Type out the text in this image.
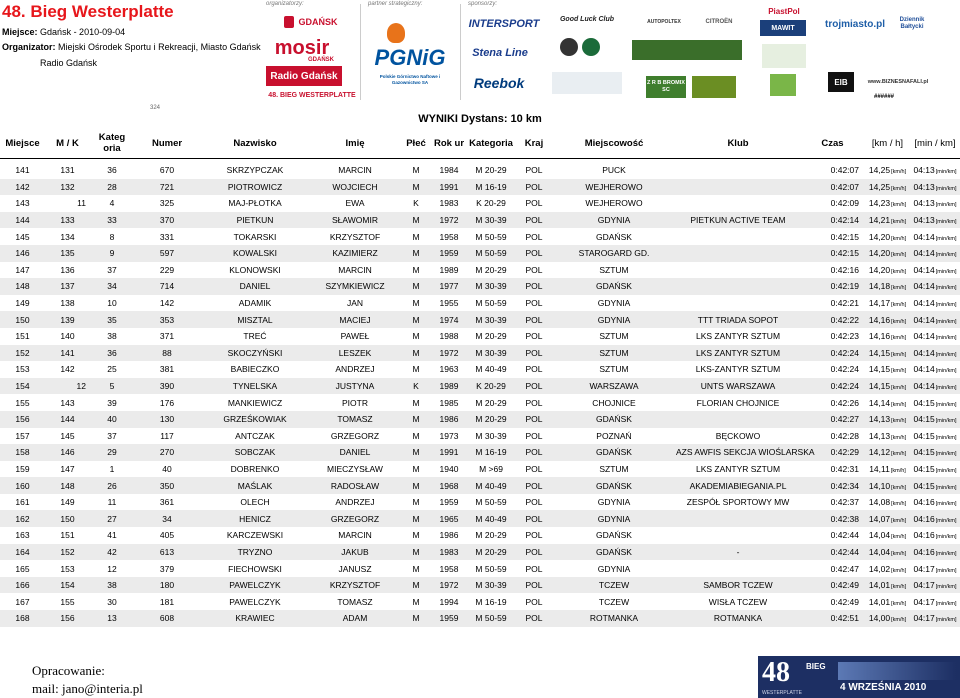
48. Bieg Westerplatte
Miejsce: Gdańsk - 2010-09-04
Organizator: Miejski Ośrodek Sportu i Rekreacji, Miasto Gdańsk
Radio Gdańsk
organizatorzy:	partner strategiczny:	sponsorzy:
GDAŃSK
mosir
GDAŃSK
Radio Gdańsk
48. BIEG WESTERPLATTE
PGNiG
Polskie Górnictwo Naftowe i Gazownictwo SA
INTERSPORT
Stena Line
Reebok
Good Luck Club	AUTOPOLTEX	CITROËN
Z R B BROMIX SC
PiastPol
MAWIT	trojmiasto.pl	Dziennik Bałtycki
EIB	www.BIZNESNAFALI.pl
######
324
WYNIKI Dystans: 10 km
Miejsce	M / K	Kateg oria	Numer	Nazwisko	Imię	Płeć	Rok ur	Kategoria	Kraj	Miejscowość	Klub	Czas	[km / h]	[min / km]

141	131	36	670	SKRZYPCZAK	MARCIN	M	1984	M 20-29	POL	PUCK		0:42:07	14,25[km/h]	04:13[min/km]
142	132	28	721	PIOTROWICZ	WOJCIECH	M	1991	M 16-19	POL	WEJHEROWO		0:42:07	14,25[km/h]	04:13[min/km]
143	11	4	325	MAJ-PŁOTKA	EWA	K	1983	K 20-29	POL	WEJHEROWO		0:42:09	14,23[km/h]	04:13[min/km]
144	133	33	370	PIETKUN	SŁAWOMIR	M	1972	M 30-39	POL	GDYNIA	PIETKUN ACTIVE TEAM	0:42:14	14,21[km/h]	04:13[min/km]
145	134	8	331	TOKARSKI	KRZYSZTOF	M	1958	M 50-59	POL	GDAŃSK		0:42:15	14,20[km/h]	04:14[min/km]
146	135	9	597	KOWALSKI	KAZIMIERZ	M	1959	M 50-59	POL	STAROGARD GD.		0:42:15	14,20[km/h]	04:14[min/km]
147	136	37	229	KLONOWSKI	MARCIN	M	1989	M 20-29	POL	SZTUM		0:42:16	14,20[km/h]	04:14[min/km]
148	137	34	714	DANIEL	SZYMKIEWICZ	M	1977	M 30-39	POL	GDAŃSK		0:42:19	14,18[km/h]	04:14[min/km]
149	138	10	142	ADAMIK	JAN	M	1955	M 50-59	POL	GDYNIA		0:42:21	14,17[km/h]	04:14[min/km]
150	139	35	353	MISZTAL	MACIEJ	M	1974	M 30-39	POL	GDYNIA	TTT TRIADA SOPOT	0:42:22	14,16[km/h]	04:14[min/km]
151	140	38	371	TREĆ	PAWEŁ	M	1988	M 20-29	POL	SZTUM	LKS ZANTYR SZTUM	0:42:23	14,16[km/h]	04:14[min/km]
152	141	36	88	SKOCZYŃSKI	LESZEK	M	1972	M 30-39	POL	SZTUM	LKS ZANTYR SZTUM	0:42:24	14,15[km/h]	04:14[min/km]
153	142	25	381	BABIECZKO	ANDRZEJ	M	1963	M 40-49	POL	SZTUM	LKS-ZANTYR SZTUM	0:42:24	14,15[km/h]	04:14[min/km]
154	12	5	390	TYNELSKA	JUSTYNA	K	1989	K 20-29	POL	WARSZAWA	UNTS WARSZAWA	0:42:24	14,15[km/h]	04:14[min/km]
155	143	39	176	MANKIEWICZ	PIOTR	M	1985	M 20-29	POL	CHOJNICE	FLORIAN CHOJNICE	0:42:26	14,14[km/h]	04:15[min/km]
156	144	40	130	GRZEŚKOWIAK	TOMASZ	M	1986	M 20-29	POL	GDAŃSK		0:42:27	14,13[km/h]	04:15[min/km]
157	145	37	117	ANTCZAK	GRZEGORZ	M	1973	M 30-39	POL	POZNAŃ	BĘCKOWO	0:42:28	14,13[km/h]	04:15[min/km]
158	146	29	270	SOBCZAK	DANIEL	M	1991	M 16-19	POL	GDAŃSK	AZS AWFIS SEKCJA WIOŚLARSKA	0:42:29	14,12[km/h]	04:15[min/km]
159	147	1	40	DOBRENKO	MIECZYSŁAW	M	1940	M >69	POL	SZTUM	LKS ZANTYR SZTUM	0:42:31	14,11[km/h]	04:15[min/km]
160	148	26	350	MAŚLAK	RADOSŁAW	M	1968	M 40-49	POL	GDAŃSK	AKADEMIABIEGANIA.PL	0:42:34	14,10[km/h]	04:15[min/km]
161	149	11	361	OLECH	ANDRZEJ	M	1959	M 50-59	POL	GDYNIA	ZESPÓŁ SPORTOWY MW	0:42:37	14,08[km/h]	04:16[min/km]
162	150	27	34	HENICZ	GRZEGORZ	M	1965	M 40-49	POL	GDYNIA		0:42:38	14,07[km/h]	04:16[min/km]
163	151	41	405	KARCZEWSKI	MARCIN	M	1986	M 20-29	POL	GDAŃSK		0:42:44	14,04[km/h]	04:16[min/km]
164	152	42	613	TRYZNO	JAKUB	M	1983	M 20-29	POL	GDAŃSK	-	0:42:44	14,04[km/h]	04:16[min/km]
165	153	12	379	FIECHOWSKI	JANUSZ	M	1958	M 50-59	POL	GDYNIA		0:42:47	14,02[km/h]	04:17[min/km]
166	154	38	180	PAWELCZYK	KRZYSZTOF	M	1972	M 30-39	POL	TCZEW	SAMBOR TCZEW	0:42:49	14,01[km/h]	04:17[min/km]
167	155	30	181	PAWELCZYK	TOMASZ	M	1994	M 16-19	POL	TCZEW	WISŁA TCZEW	0:42:49	14,01[km/h]	04:17[min/km]
168	156	13	608	KRAWIEC	ADAM	M	1959	M 50-59	POL	ROTMANKA	ROTMANKA	0:42:51	14,00[km/h]	04:17[min/km]
Opracowanie:
mail: jano@interia.pl
48 BIEG
WESTERPLATTE	4 WRZEŚNIA 2010
